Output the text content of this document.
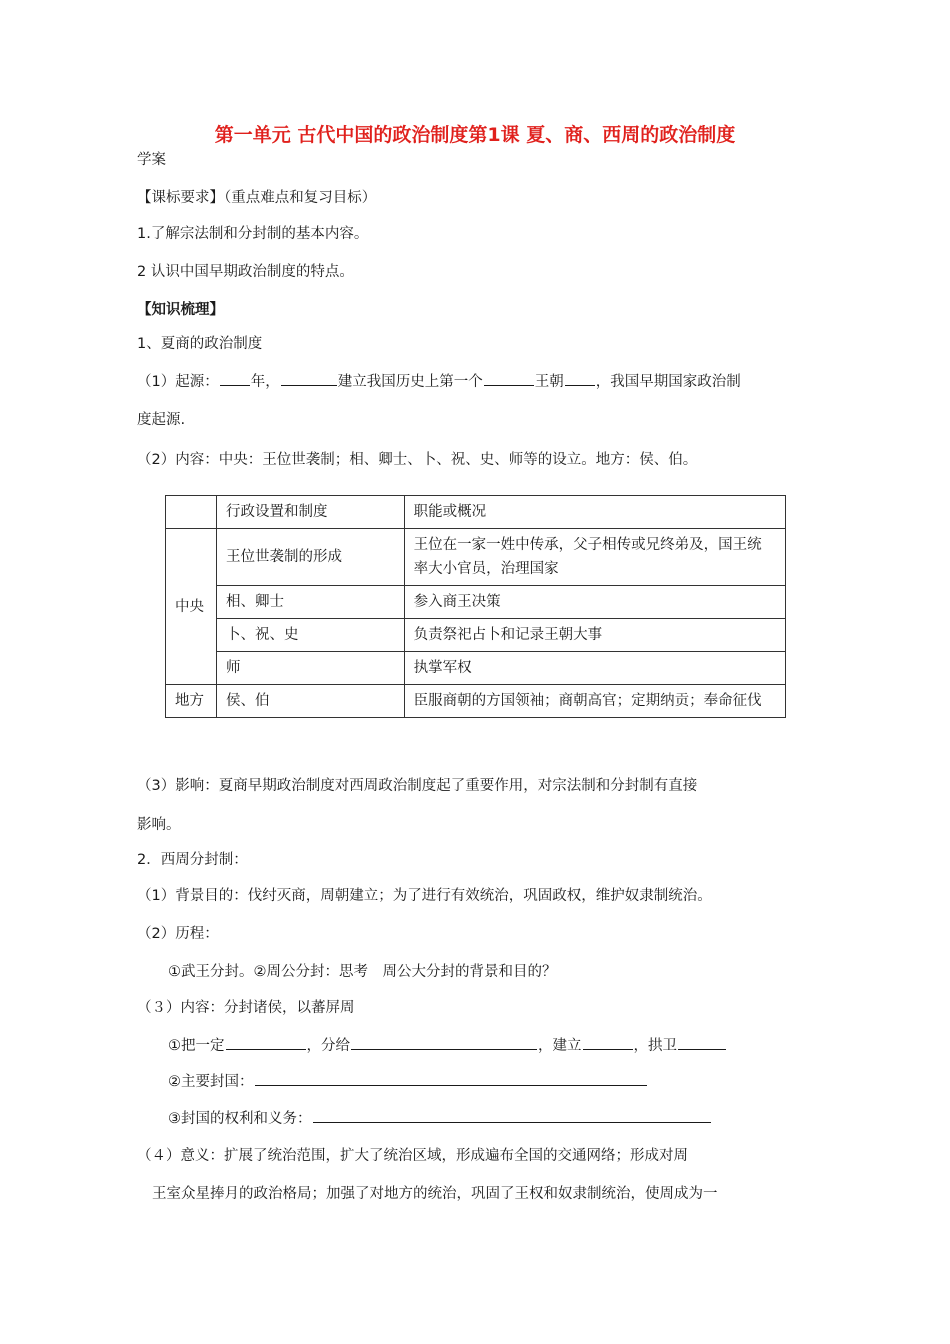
第一单元 古代中国的政治制度第1课 夏、商、西周的政治制度
学案
【课标要求】（重点难点和复习目标）
1.了解宗法制和分封制的基本内容。
2 认识中国早期政治制度的特点。
【知识梳理】
1、夏商的政治制度
（1）起源： 年，	建立我国历史上第一个	王朝 ，我国早期国家政治制
度起源.
（2）内容：中央：王位世袭制；相、卿士、卜、祝、史、师等的设立。地方：侯、伯。
	行政设置和制度	职能或概况
中央	王位世袭制的形成	王位在一家一姓中传承，父子相传或兄终弟及，国王统率大小官员，治理国家
	相、卿士	参入商王决策
	卜、祝、史	负责祭祀占卜和记录王朝大事
	师	执掌军权
地方	侯、伯	臣服商朝的方国领袖；商朝高官；定期纳贡；奉命征伐
（3）影响：夏商早期政治制度对西周政治制度起了重要作用，对宗法制和分封制有直接
影响。
2．西周分封制：
（1）背景目的：伐纣灭商，周朝建立；为了进行有效统治，巩固政权，维护奴隶制统治。
（2）历程：
①武王分封。②周公分封：思考　周公大分封的背景和目的？
（３）内容：分封诸侯，以蕃屏周
①把一定	，分给	，建立	，拱卫
②主要封国：
③封国的权利和义务：
（４）意义：扩展了统治范围，扩大了统治区域，形成遍布全国的交通网络；形成对周
王室众星捧月的政治格局；加强了对地方的统治，巩固了王权和奴隶制统治，使周成为一
